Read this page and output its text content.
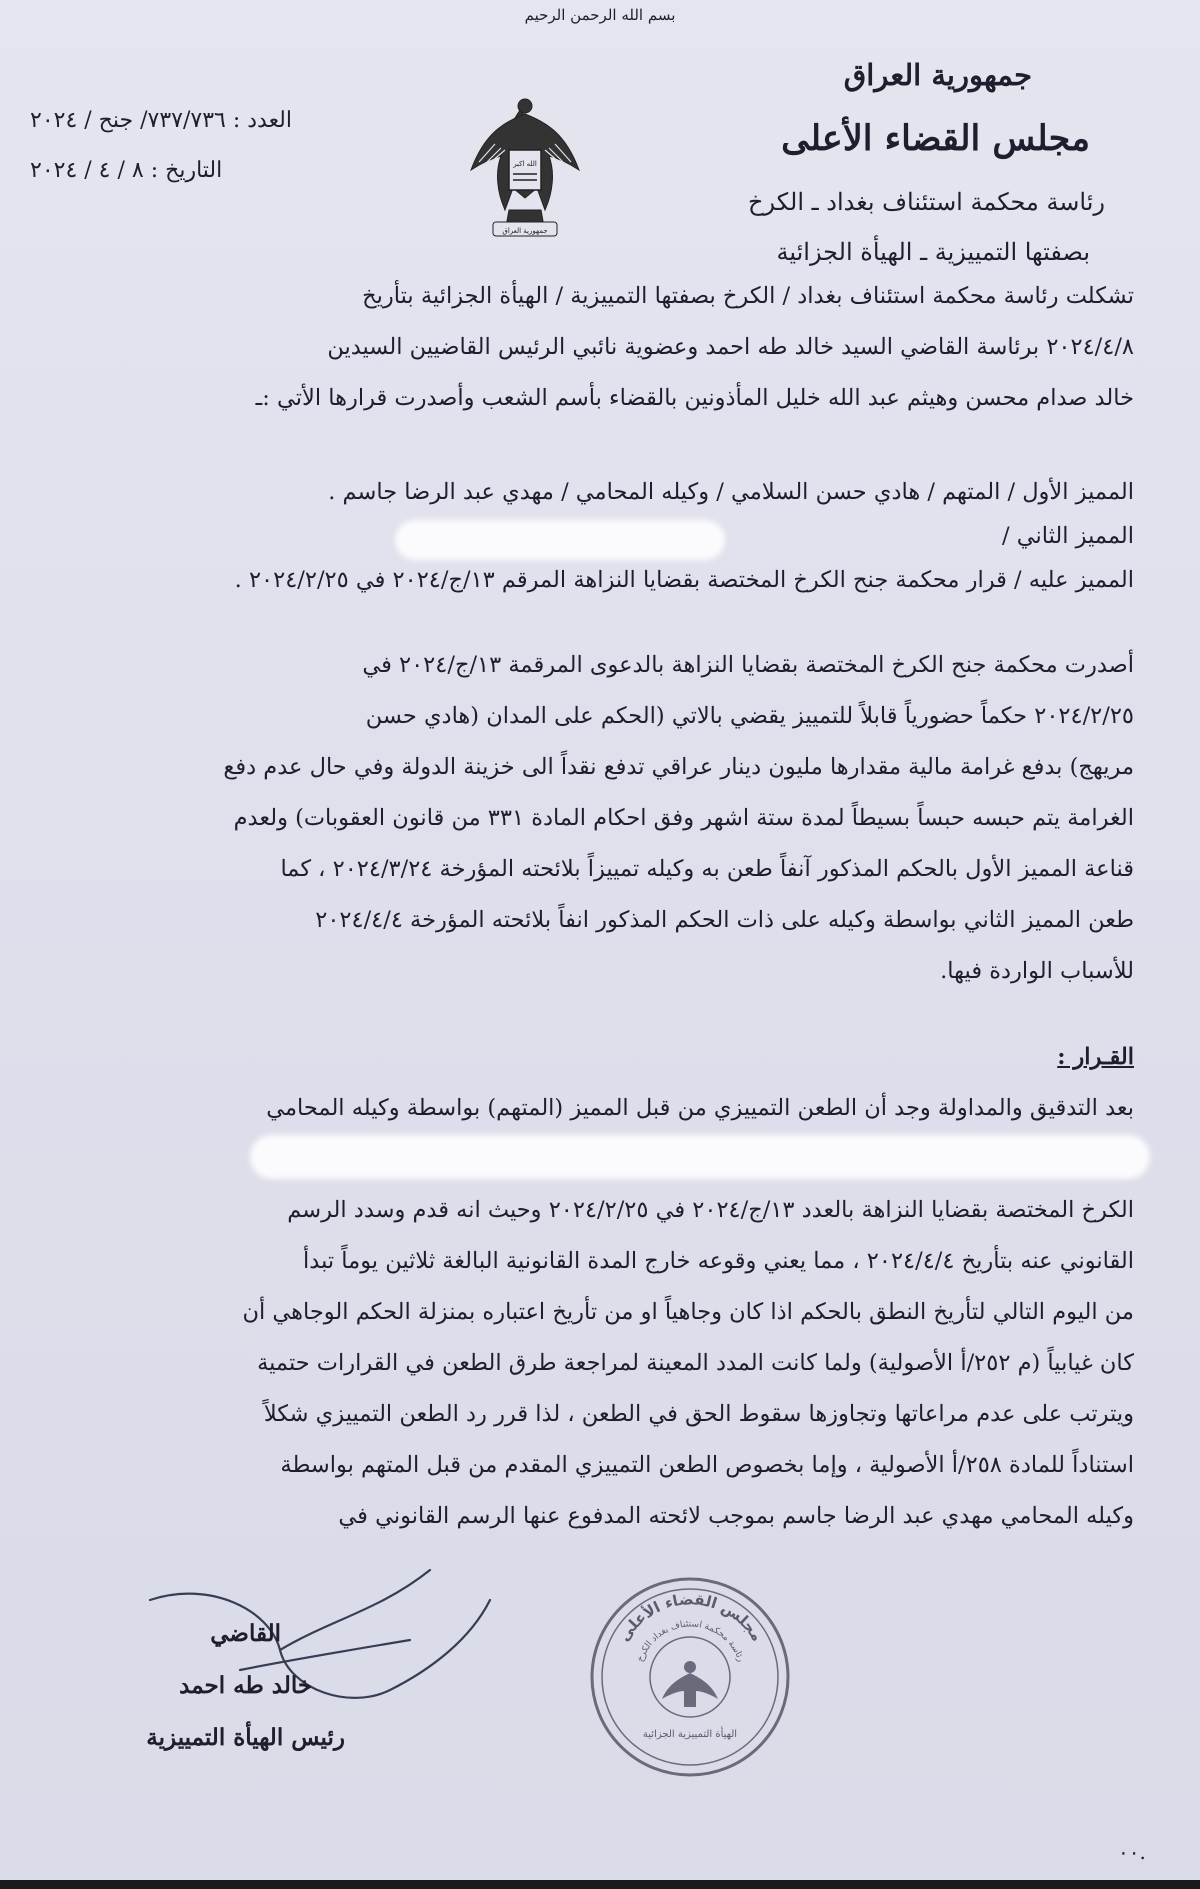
بسم الله الرحمن الرحيم
جمهورية العراق
مجلس القضاء الأعلى
رئاسة محكمة استئناف بغداد ـ الكرخ
بصفتها التمييزية ـ الهيأة الجزائية
العدد : ٧٣٧/٧٣٦/ جنح / ٢٠٢٤
التاريخ : ٨ / ٤ / ٢٠٢٤	الله اكبر
جمهورية العراق

تشكلت رئاسة محكمة استئناف بغداد / الكرخ بصفتها التمييزية / الهيأة الجزائية بتأريخ

٢٠٢٤/٤/٨ برئاسة القاضي السيد خالد طه احمد وعضوية نائبي الرئيس القاضيين السيدين

خالد صدام محسن وهيثم عبد الله خليل المأذونين بالقضاء بأسم الشعب وأصدرت قرارها الأتي :ـ

المميز الأول / المتهم / هادي حسن السلامي / وكيله المحامي / مهدي عبد الرضا جاسم .

المميز الثاني /

المميز عليه / قرار محكمة جنح الكرخ المختصة بقضايا النزاهة المرقم ١٣/ج/٢٠٢٤ في ٢٠٢٤/٢/٢٥ .

أصدرت محكمة جنح الكرخ المختصة بقضايا النزاهة بالدعوى المرقمة ١٣/ج/٢٠٢٤ في

٢٠٢٤/٢/٢٥ حكماً حضورياً قابلاً للتمييز يقضي بالاتي (الحكم على المدان (هادي حسن

مريهج) بدفع غرامة مالية مقدارها مليون دينار عراقي تدفع نقداً الى خزينة الدولة وفي حال عدم دفع

الغرامة يتم حبسه حبساً بسيطاً لمدة ستة اشهر وفق احكام المادة ٣٣١ من قانون العقوبات) ولعدم

قناعة المميز الأول بالحكم المذكور آنفاً طعن به وكيله تمييزاً بلائحته المؤرخة ٢٠٢٤/٣/٢٤ ، كما

طعن المميز الثاني بواسطة وكيله على ذات الحكم المذكور انفاً بلائحته المؤرخة ٢٠٢٤/٤/٤

للأسباب الواردة فيها.

القـرار :

بعد التدقيق والمداولة وجد أن الطعن التمييزي من قبل المميز (المتهم) بواسطة وكيله المحامي

الكرخ المختصة بقضايا النزاهة بالعدد ١٣/ج/٢٠٢٤ في ٢٠٢٤/٢/٢٥ وحيث انه قدم وسدد الرسم

القانوني عنه بتأريخ ٢٠٢٤/٤/٤ ، مما يعني وقوعه خارج المدة القانونية البالغة ثلاثين يوماً تبدأ

من اليوم التالي لتأريخ النطق بالحكم اذا كان وجاهياً او من تأريخ اعتباره بمنزلة الحكم الوجاهي أن

كان غيابياً (م ٢٥٢/أ الأصولية) ولما كانت المدد المعينة لمراجعة طرق الطعن في القرارات حتمية

ويترتب على عدم مراعاتها وتجاوزها سقوط الحق في الطعن ، لذا قرر رد الطعن التمييزي شكلاً

استناداً للمادة ٢٥٨/أ الأصولية ، وإما بخصوص الطعن التمييزي المقدم من قبل المتهم بواسطة

وكيله المحامي مهدي عبد الرضا جاسم بموجب لائحته المدفوع عنها الرسم القانوني في

القاضي
خالد طه احمد
رئيس الهيأة التمييزية
مجلس القضاء الأعلى
رئاسة محكمة استئناف بغداد الكرخ
الهيأة التمييزية الجزائية
٠٠.
